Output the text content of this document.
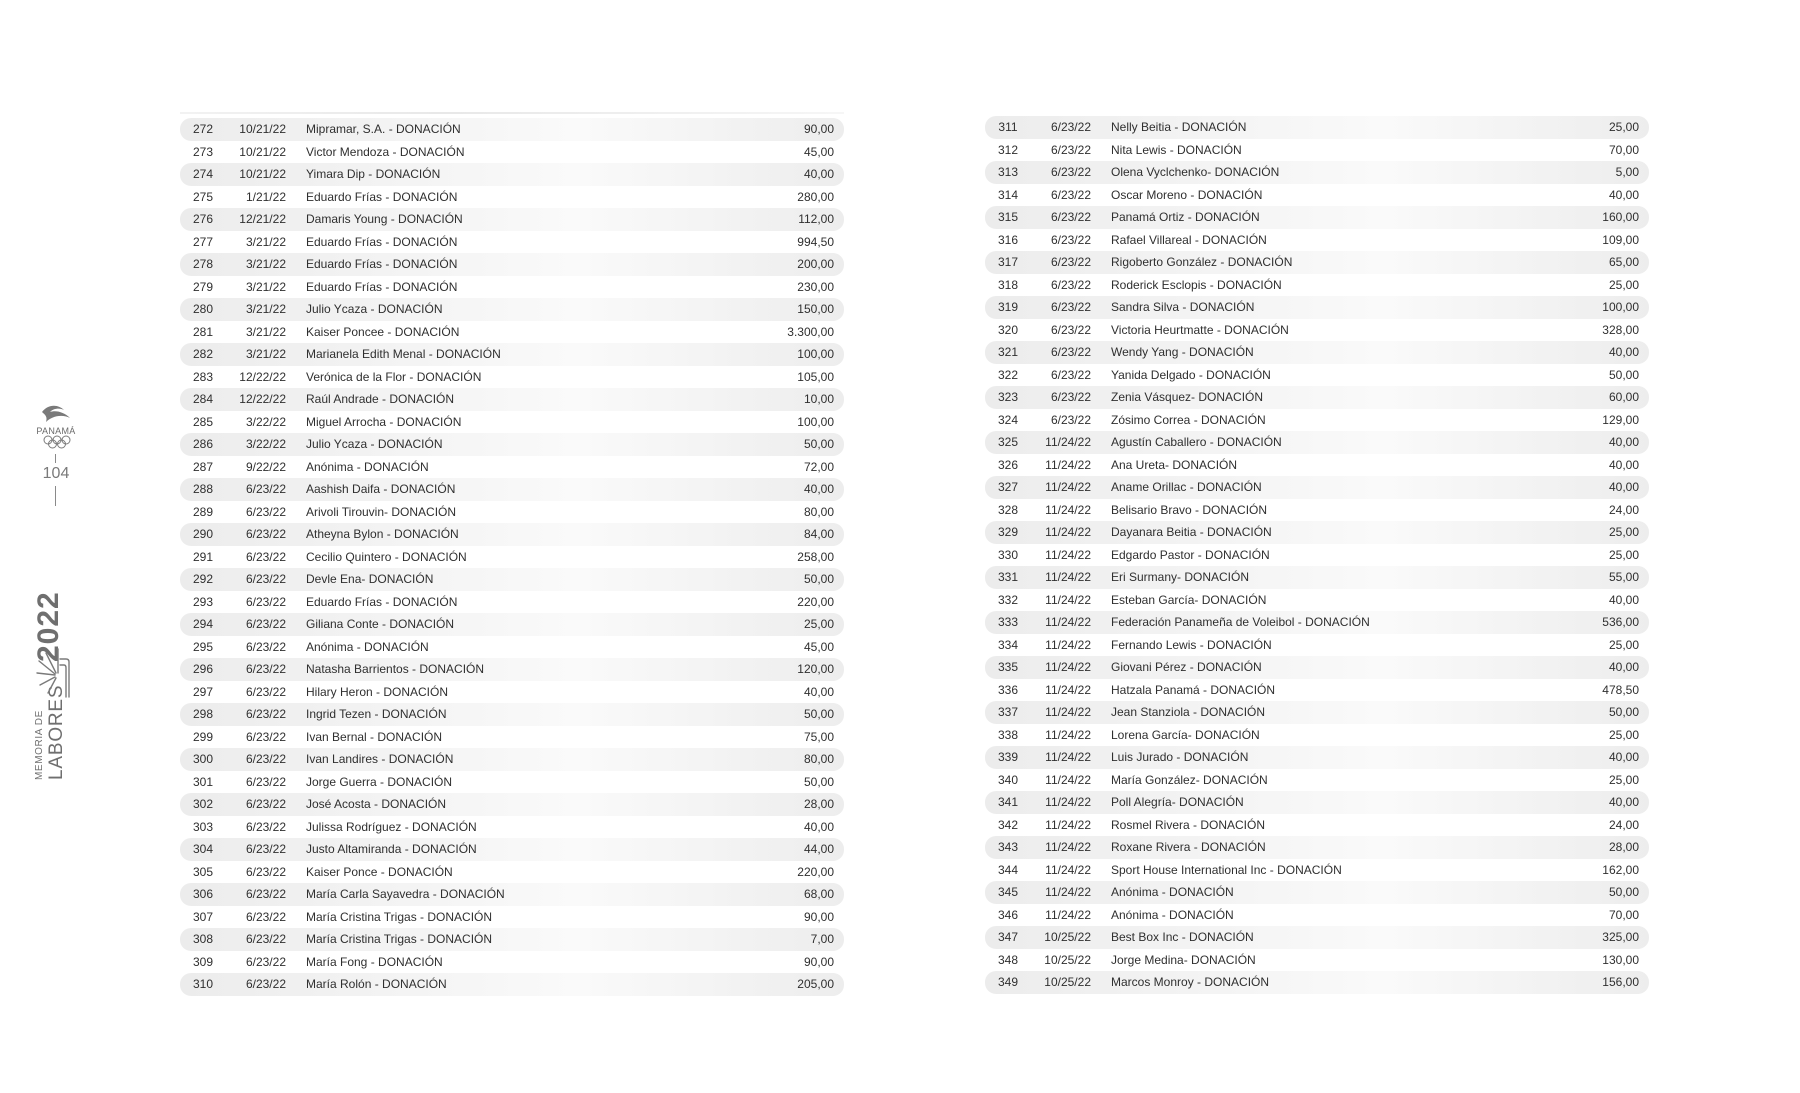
PANAMÁ
104
MEMORIA DE LABORES
2022
272	10/21/22	Mipramar, S.A. - DONACIÓN	90,00
273	10/21/22	Victor Mendoza - DONACIÓN	45,00
274	10/21/22	Yimara Dip - DONACIÓN	40,00
275	1/21/22	Eduardo Frías - DONACIÓN	280,00
276	12/21/22	Damaris Young - DONACIÓN	112,00
277	3/21/22	Eduardo Frías - DONACIÓN	994,50
278	3/21/22	Eduardo Frías - DONACIÓN	200,00
279	3/21/22	Eduardo Frías - DONACIÓN	230,00
280	3/21/22	Julio Ycaza - DONACIÓN	150,00
281	3/21/22	Kaiser Poncee - DONACIÓN	3.300,00
282	3/21/22	Marianela Edith Menal - DONACIÓN	100,00
283	12/22/22	Verónica de la Flor - DONACIÓN	105,00
284	12/22/22	Raúl Andrade - DONACIÓN	10,00
285	3/22/22	Miguel Arrocha - DONACIÓN	100,00
286	3/22/22	Julio Ycaza - DONACIÓN	50,00
287	9/22/22	Anónima - DONACIÓN	72,00
288	6/23/22	Aashish Daifa - DONACIÓN	40,00
289	6/23/22	Arivoli Tirouvin- DONACIÓN	80,00
290	6/23/22	Atheyna Bylon - DONACIÓN	84,00
291	6/23/22	Cecilio Quintero - DONACIÓN	258,00
292	6/23/22	Devle Ena- DONACIÓN	50,00
293	6/23/22	Eduardo Frías - DONACIÓN	220,00
294	6/23/22	Giliana Conte - DONACIÓN	25,00
295	6/23/22	Anónima - DONACIÓN	45,00
296	6/23/22	Natasha Barrientos - DONACIÓN	120,00
297	6/23/22	Hilary Heron - DONACIÓN	40,00
298	6/23/22	Ingrid Tezen - DONACIÓN	50,00
299	6/23/22	Ivan Bernal - DONACIÓN	75,00
300	6/23/22	Ivan Landires - DONACIÓN	80,00
301	6/23/22	Jorge Guerra - DONACIÓN	50,00
302	6/23/22	José Acosta - DONACIÓN	28,00
303	6/23/22	Julissa Rodríguez - DONACIÓN	40,00
304	6/23/22	Justo Altamiranda - DONACIÓN	44,00
305	6/23/22	Kaiser Ponce - DONACIÓN	220,00
306	6/23/22	María Carla Sayavedra - DONACIÓN	68,00
307	6/23/22	María Cristina Trigas - DONACIÓN	90,00
308	6/23/22	María Cristina Trigas - DONACIÓN	7,00
309	6/23/22	María Fong - DONACIÓN	90,00
310	6/23/22	María Rolón - DONACIÓN	205,00
311	6/23/22	Nelly Beitia - DONACIÓN	25,00
312	6/23/22	Nita Lewis - DONACIÓN	70,00
313	6/23/22	Olena Vyclchenko- DONACIÓN	5,00
314	6/23/22	Oscar Moreno - DONACIÓN	40,00
315	6/23/22	Panamá Ortiz - DONACIÓN	160,00
316	6/23/22	Rafael Villareal - DONACIÓN	109,00
317	6/23/22	Rigoberto González - DONACIÓN	65,00
318	6/23/22	Roderick Esclopis - DONACIÓN	25,00
319	6/23/22	Sandra Silva - DONACIÓN	100,00
320	6/23/22	Victoria Heurtmatte - DONACIÓN	328,00
321	6/23/22	Wendy Yang - DONACIÓN	40,00
322	6/23/22	Yanida Delgado - DONACIÓN	50,00
323	6/23/22	Zenia Vásquez- DONACIÓN	60,00
324	6/23/22	Zósimo Correa - DONACIÓN	129,00
325	11/24/22	Agustín Caballero - DONACIÓN	40,00
326	11/24/22	Ana Ureta- DONACIÓN	40,00
327	11/24/22	Aname Orillac - DONACIÓN	40,00
328	11/24/22	Belisario Bravo - DONACIÓN	24,00
329	11/24/22	Dayanara Beitia - DONACIÓN	25,00
330	11/24/22	Edgardo Pastor - DONACIÓN	25,00
331	11/24/22	Eri Surmany- DONACIÓN	55,00
332	11/24/22	Esteban García- DONACIÓN	40,00
333	11/24/22	Federación Panameña de Voleibol - DONACIÓN	536,00
334	11/24/22	Fernando Lewis - DONACIÓN	25,00
335	11/24/22	Giovani Pérez - DONACIÓN	40,00
336	11/24/22	Hatzala Panamá - DONACIÓN	478,50
337	11/24/22	Jean Stanziola - DONACIÓN	50,00
338	11/24/22	Lorena García- DONACIÓN	25,00
339	11/24/22	Luis Jurado - DONACIÓN	40,00
340	11/24/22	María González- DONACIÓN	25,00
341	11/24/22	Poll Alegría- DONACIÓN	40,00
342	11/24/22	Rosmel Rivera - DONACIÓN	24,00
343	11/24/22	Roxane Rivera - DONACIÓN	28,00
344	11/24/22	Sport House International Inc - DONACIÓN	162,00
345	11/24/22	Anónima - DONACIÓN	50,00
346	11/24/22	Anónima - DONACIÓN	70,00
347	10/25/22	Best Box Inc - DONACIÓN	325,00
348	10/25/22	Jorge Medina- DONACIÓN	130,00
349	10/25/22	Marcos Monroy - DONACIÓN	156,00
